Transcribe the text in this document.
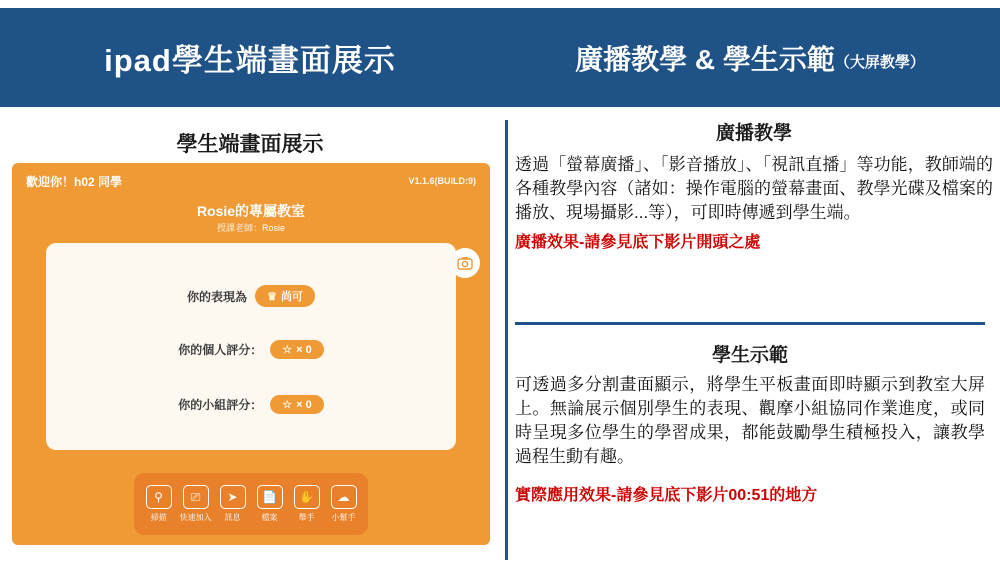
ipad學生端畫面展示	廣播教學 & 學生示範（大屏教學）
學生端畫面展示
歡迎你！h02 同學	V1.1.6(BUILD:9)
Rosie的專屬教室
授課老師：Rosie
你的表現為 ♛ 尚可
你的個人評分： ☆ × 0
你的小組評分： ☆ × 0
⚲
掃描
⎚
快速加入
➤
訊息
📄
檔案
✋
舉手
☁
小幫手
廣播教學
透過「螢幕廣播」、「影音播放」、「視訊直播」等功能，教師端的各種教學內容（諸如：操作電腦的螢幕畫面、教學光碟及檔案的播放、現場攝影...等），可即時傳遞到學生端。
廣播效果-請參見底下影片開頭之處
學生示範
可透過多分割畫面顯示，將學生平板畫面即時顯示到教室大屏上。無論展示個別學生的表現、觀摩小組協同作業進度，或同時呈現多位學生的學習成果，都能鼓勵學生積極投入，讓教學過程生動有趣。
實際應用效果-請參見底下影片00:51的地方
